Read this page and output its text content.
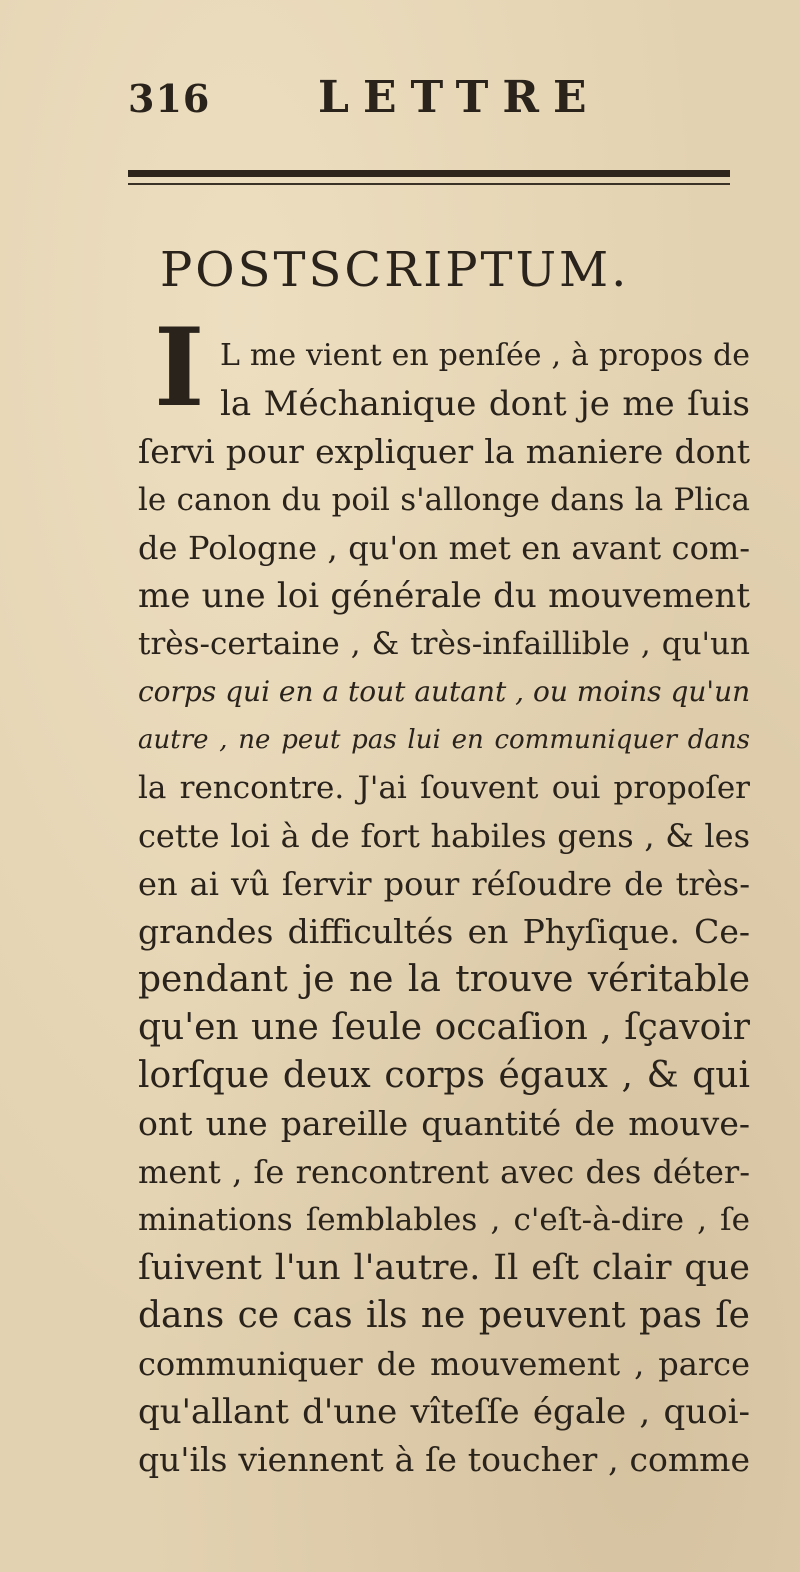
316 LETTRE
POSTSCRIPTUM.
I L me vient en penſée , à propos de
la Méchanique dont je me ſuis
ſervi pour expliquer la maniere dont
le canon du poil s'allonge dans la Plica
de Pologne , qu'on met en avant com-
me une loi générale du mouvement
très-certaine , & très-infaillible , qu'un
corps qui en a tout autant , ou moins qu'un
autre , ne peut pas lui en communiquer dans
la rencontre. J'ai ſouvent oui propoſer
cette loi à de fort habiles gens , & les
en ai vû ſervir pour réſoudre de très-
grandes difficultés en Phyſique. Ce-
pendant je ne la trouve véritable
qu'en une ſeule occaſion , ſçavoir
lorſque deux corps égaux , & qui
ont une pareille quantité de mouve-
ment , ſe rencontrent avec des déter-
minations ſemblables , c'eſt-à-dire , ſe
ſuivent l'un l'autre. Il eſt clair que
dans ce cas ils ne peuvent pas ſe
communiquer de mouvement , parce
qu'allant d'une vîteſſe égale , quoi-
qu'ils viennent à ſe toucher , comme
